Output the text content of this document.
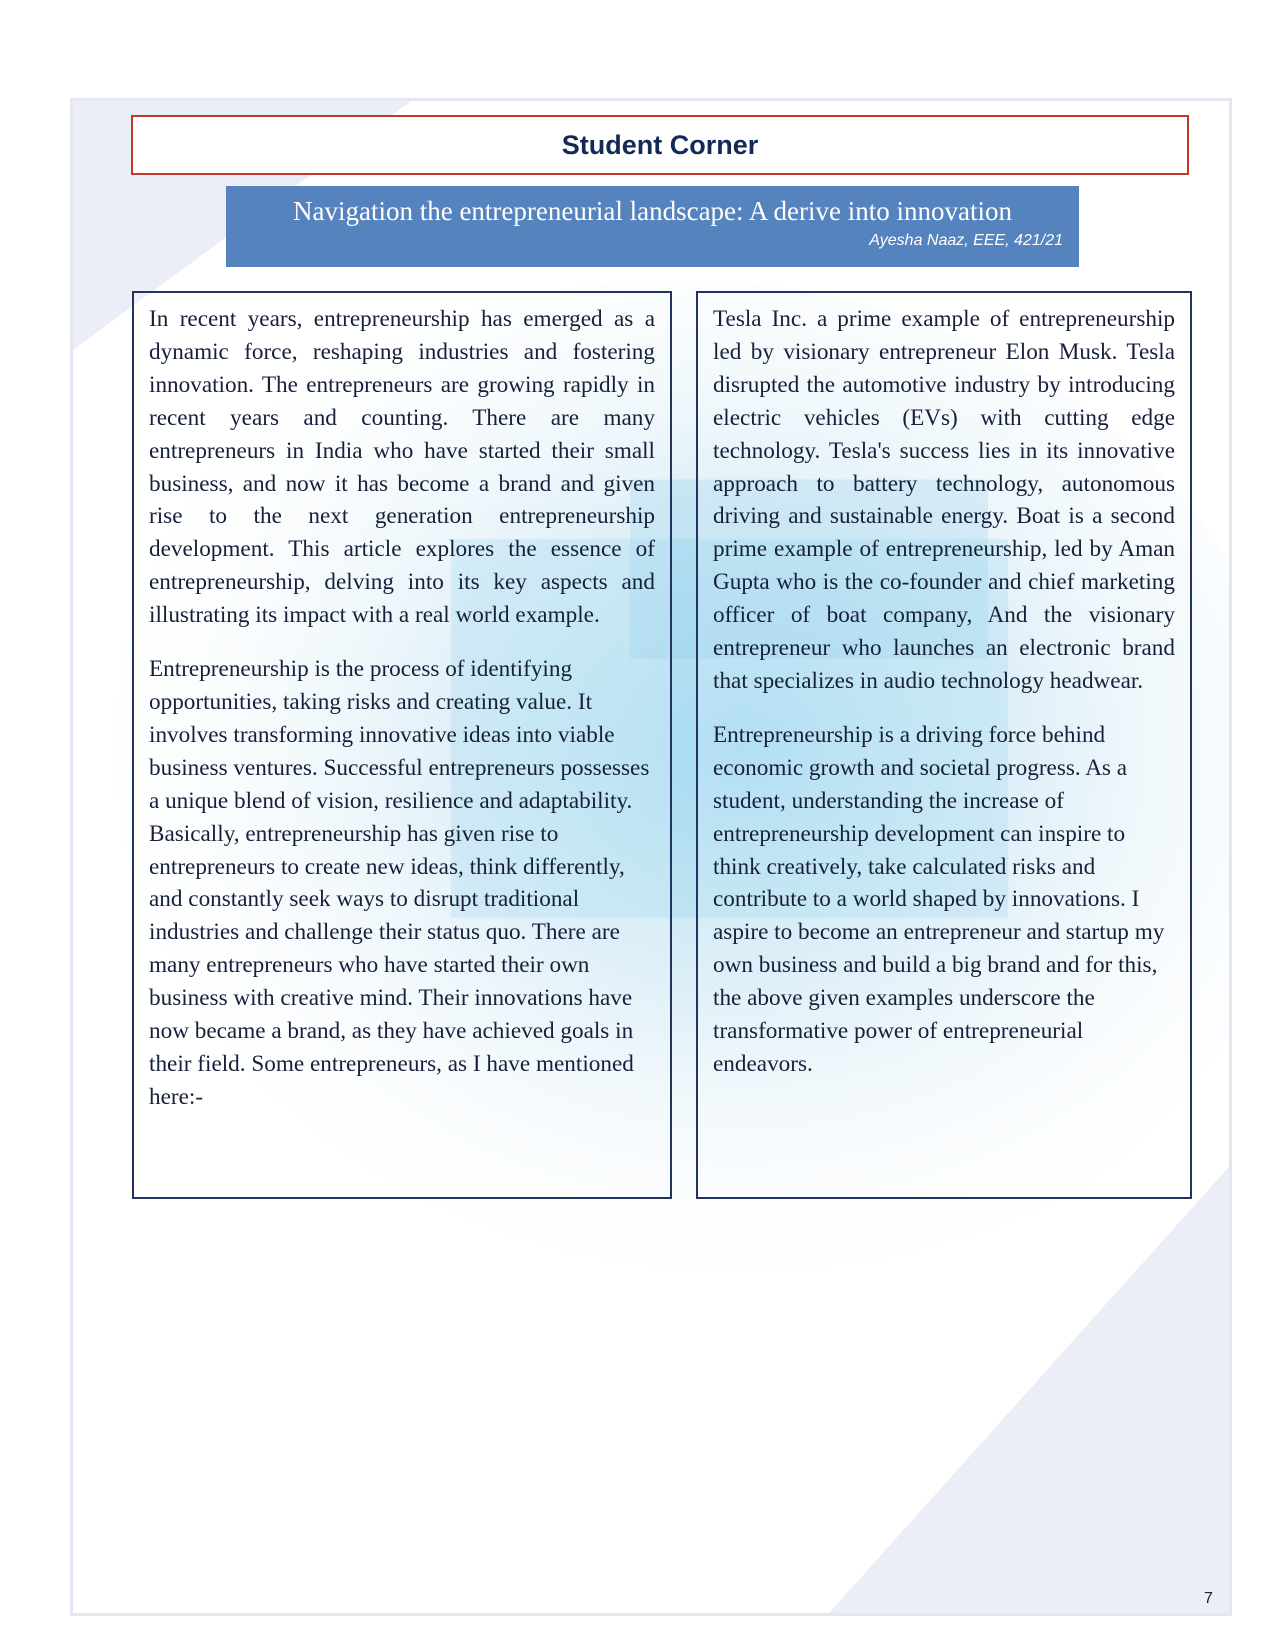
Student Corner
Navigation the entrepreneurial landscape: A derive into innovation
Ayesha Naaz, EEE, 421/21

In recent years, entrepreneurship has emerged as a dynamic force, reshaping industries and fostering innovation. The entrepreneurs are growing rapidly in recent years and counting. There are many entrepreneurs in India who have started their small business, and now it has become a brand and given rise to the next generation entrepreneurship development. This article explores the essence of entrepreneurship, delving into its key aspects and illustrating its impact with a real world example.

Entrepreneurship is the process of identifying opportunities, taking risks and creating value. It involves transforming innovative ideas into viable business ventures. Successful entrepreneurs possesses a unique blend of vision, resilience and adaptability. Basically, entrepreneurship has given rise to entrepreneurs to create new ideas, think differently, and constantly seek ways to disrupt traditional industries and challenge their status quo. There are many entrepreneurs who have started their own business with creative mind. Their innovations have now became a brand, as they have achieved goals in their field. Some entrepreneurs, as I have mentioned here:-

Tesla Inc. a prime example of entrepreneurship led by visionary entrepreneur Elon Musk. Tesla disrupted the automotive industry by introducing electric vehicles (EVs) with cutting edge technology. Tesla's success lies in its innovative approach to battery technology, autonomous driving and sustainable energy. Boat is a second prime example of entrepreneurship, led by Aman Gupta who is the co-founder and chief marketing officer of boat company, And the visionary entrepreneur who launches an electronic brand that specializes in audio technology headwear.

Entrepreneurship is a driving force behind economic growth and societal progress. As a student, understanding the increase of entrepreneurship development can inspire to think creatively, take calculated risks and contribute to a world shaped by innovations. I aspire to become an entrepreneur and startup my own business and build a big brand and for this, the above given examples underscore the transformative power of entrepreneurial endeavors.

7
